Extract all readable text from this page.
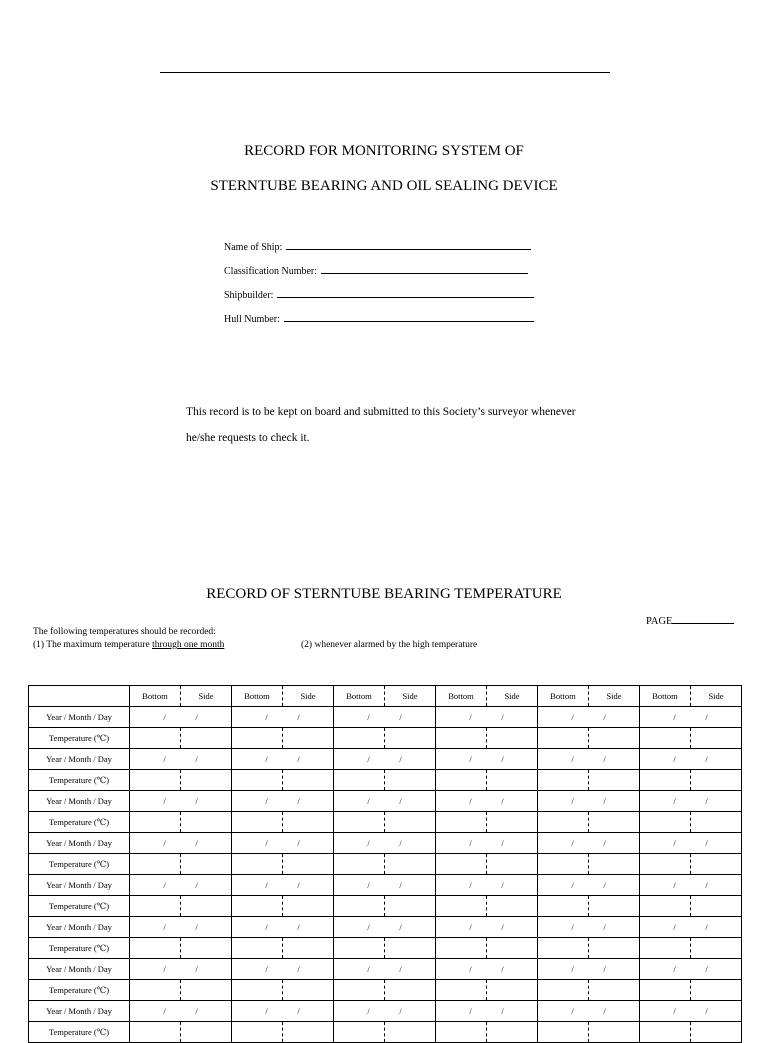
RECORD FOR MONITORING SYSTEM OF
STERNTUBE BEARING AND OIL SEALING DEVICE
Name of Ship:
Classification Number:
Shipbuilder:
Hull Number:
This record is to be kept on board and submitted to this Society’s surveyor whenever
he/she requests to check it.
RECORD OF STERNTUBE BEARING TEMPERATURE
PAGE
The following temperatures should be recorded:
(1) The maximum temperature through one month	(2) whenever alarmed by the high temperature
	Bottom	Side	Bottom	Side	Bottom	Side	Bottom	Side	Bottom	Side	Bottom	Side
Year / Month / Day	/ /		/ /		/ /		/ /		/ /		/ /	
Temperature (℃)												
Year / Month / Day	/ /		/ /		/ /		/ /		/ /		/ /	
Temperature (℃)												
Year / Month / Day	/ /		/ /		/ /		/ /		/ /		/ /	
Temperature (℃)												
Year / Month / Day	/ /		/ /		/ /		/ /		/ /		/ /	
Temperature (℃)												
Year / Month / Day	/ /		/ /		/ /		/ /		/ /		/ /	
Temperature (℃)												
Year / Month / Day	/ /		/ /		/ /		/ /		/ /		/ /	
Temperature (℃)												
Year / Month / Day	/ /		/ /		/ /		/ /		/ /		/ /	
Temperature (℃)												
Year / Month / Day	/ /		/ /		/ /		/ /		/ /		/ /	
Temperature (℃)												
